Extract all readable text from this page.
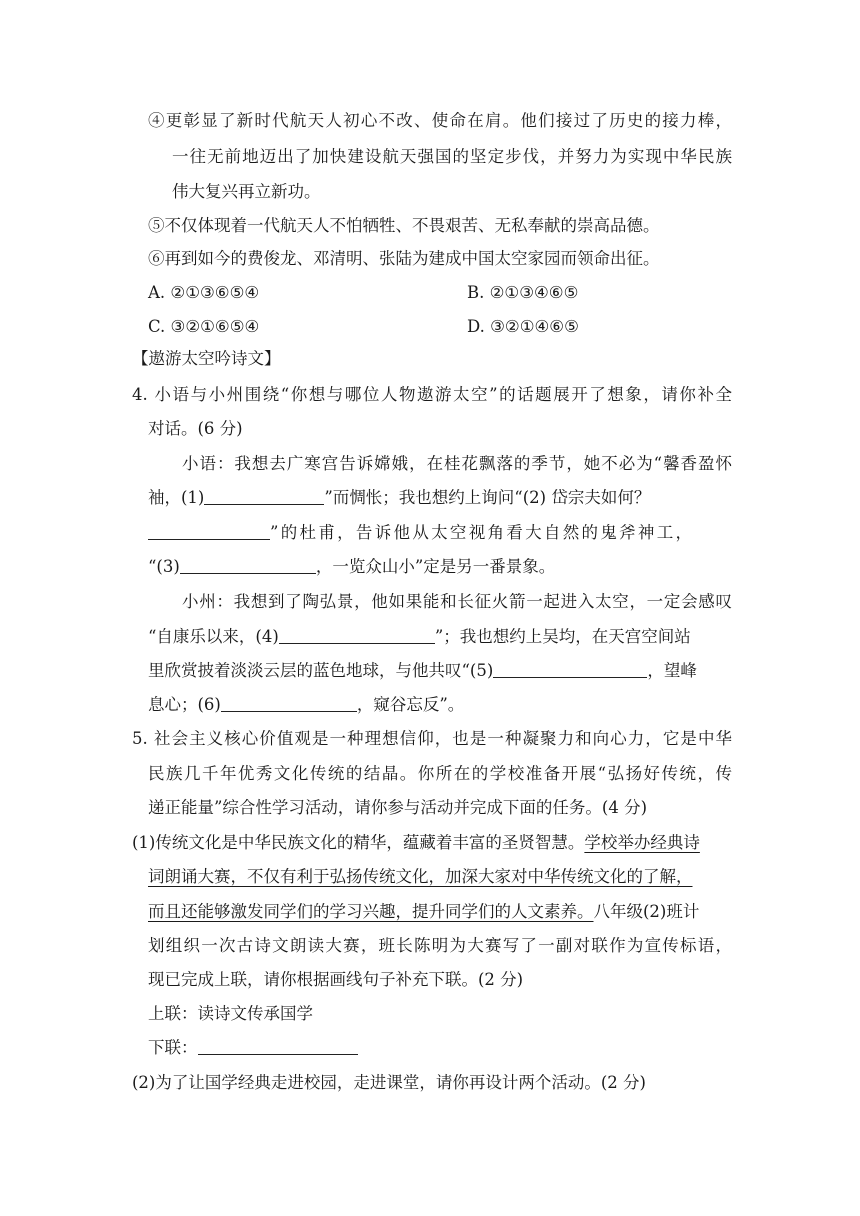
④更彰显了新时代航天人初心不改、使命在肩。他们接过了历史的接力棒，
一往无前地迈出了加快建设航天强国的坚定步伐，并努力为实现中华民族
伟大复兴再立新功。
⑤不仅体现着一代航天人不怕牺牲、不畏艰苦、无私奉献的崇高品德。
⑥再到如今的费俊龙、邓清明、张陆为建成中国太空家园而领命出征。
A. ②①③⑥⑤④	B. ②①③④⑥⑤
C. ③②①⑥⑤④	D. ③②①④⑥⑤
【遨游太空吟诗文】
4. 小语与小州围绕“你想与哪位人物遨游太空”的话题展开了想象，请你补全
对话。(6 分)
小语：我想去广寒宫告诉嫦娥，在桂花飘落的季节，她不必为“馨香盈怀
袖，(1)	”而惆怅；我也想约上询问“(2) 岱宗夫如何？
”的杜甫，告诉他从太空视角看大自然的鬼斧神工，
“(3)	，一览众山小”定是另一番景象。
小州：我想到了陶弘景，他如果能和长征火箭一起进入太空，一定会感叹
“自康乐以来，(4)	”；我也想约上吴均，在天宫空间站
里欣赏披着淡淡云层的蓝色地球，与他共叹“(5)	，望峰
息心；(6)	，窥谷忘反”。
5. 社会主义核心价值观是一种理想信仰，也是一种凝聚力和向心力，它是中华
民族几千年优秀文化传统的结晶。你所在的学校准备开展“弘扬好传统，传
递正能量”综合性学习活动，请你参与活动并完成下面的任务。(4 分)
(1)传统文化是中华民族文化的精华，蕴藏着丰富的圣贤智慧。学校举办经典诗
词朗诵大赛，不仅有利于弘扬传统文化，加深大家对中华传统文化的了解，
而且还能够激发同学们的学习兴趣，提升同学们的人文素养。八年级(2)班计
划组织一次古诗文朗读大赛，班长陈明为大赛写了一副对联作为宣传标语，
现已完成上联，请你根据画线句子补充下联。(2 分)
上联：读诗文传承国学
下联：
(2)为了让国学经典走进校园，走进课堂，请你再设计两个活动。(2 分)
